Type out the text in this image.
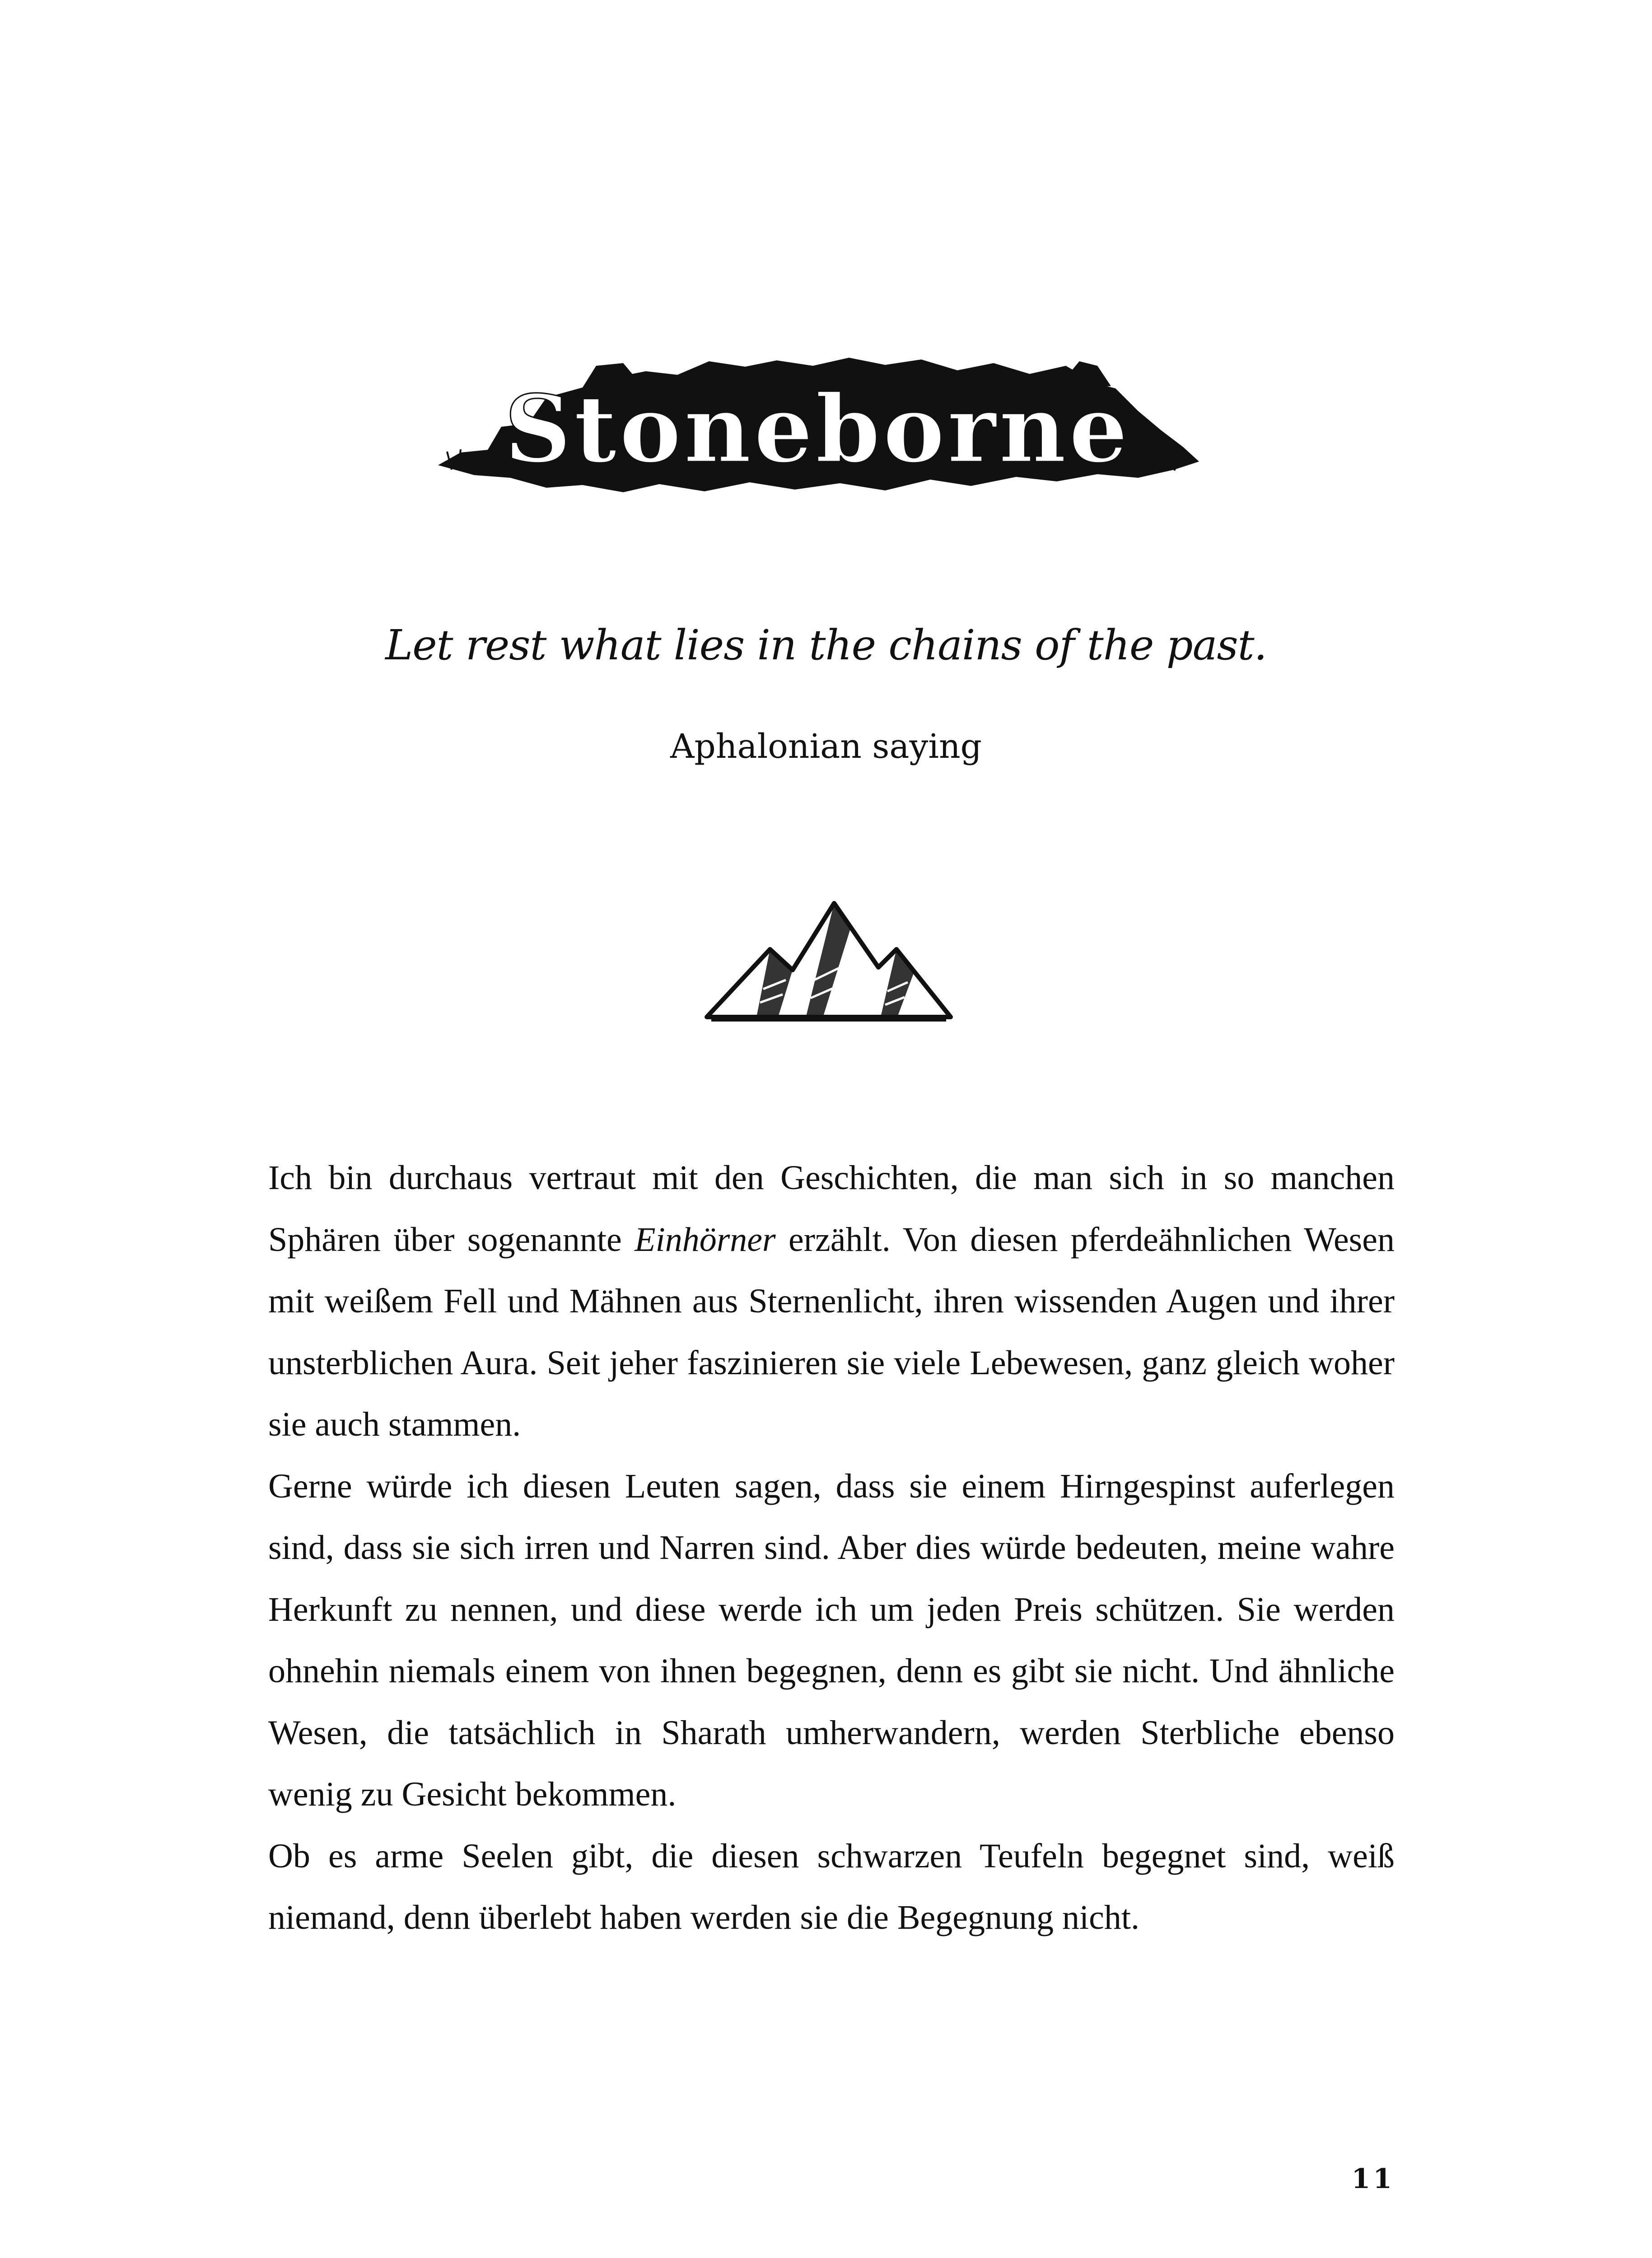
Stoneborne
Let rest what lies in the chains of the past.
Aphalonian saying

Ich bin durchaus vertraut mit den Geschichten, die man sich in so manchen Sphären über sogenannte Einhörner erzählt. Von diesen pferdeähnlichen Wesen mit weißem Fell und Mähnen aus Sternenlicht, ihren wissenden Augen und ihrer unsterblichen Aura. Seit jeher faszinieren sie viele Lebewesen, ganz gleich woher sie auch stammen.

Gerne würde ich diesen Leuten sagen, dass sie einem Hirngespinst auferlegen sind, dass sie sich irren und Narren sind. Aber dies würde bedeuten, meine wahre Herkunft zu nennen, und diese werde ich um jeden Preis schützen. Sie werden ohnehin niemals einem von ihnen begegnen, denn es gibt sie nicht. Und ähnliche Wesen, die tatsächlich in Sharath umherwandern, werden Sterbliche ebenso wenig zu Gesicht bekommen.

Ob es arme Seelen gibt, die diesen schwarzen Teufeln begegnet sind, weiß niemand, denn überlebt haben werden sie die Begegnung nicht.

11
